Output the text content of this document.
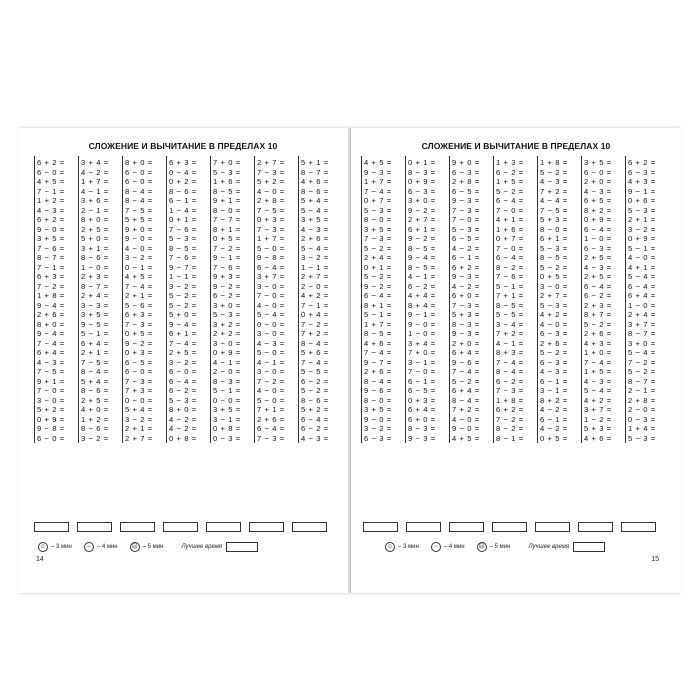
СЛОЖЕНИЕ И ВЫЧИТАНИЕ В ПРЕДЕЛАХ 10
6 + 2 =
6 − 0 =
4 + 5 =
7 − 1 =
1 + 2 =
4 − 3 =
6 + 2 =
9 − 0 =
3 + 5 =
7 − 6 =
8 − 7 =
7 − 1 =
6 + 3 =
7 − 2 =
1 + 8 =
9 − 4 =
2 + 6 =
8 + 0 =
9 − 4 =
7 − 4 =
6 + 4 =
4 − 3 =
7 − 5 =
9 + 1 =
7 − 0 =
3 − 0 =
5 + 2 =
0 + 9 =
9 − 8 =
6 − 0 =
3 + 4 =
4 − 2 =
1 + 7 =
4 − 1 =
3 + 6 =
2 − 1 =
8 + 0 =
2 + 5 =
5 + 0 =
3 + 1 =
8 − 6 =
1 − 0 =
2 + 3 =
8 − 7 =
2 + 4 =
3 − 3 =
3 + 5 =
9 − 5 =
5 − 1 =
6 + 4 =
2 + 1 =
7 − 5 =
8 − 4 =
5 + 4 =
8 − 6 =
2 + 5 =
4 + 0 =
1 + 2 =
8 − 6 =
3 − 2 =
8 + 0 =
6 − 0 =
6 − 0 =
8 − 4 =
8 − 4 =
7 − 5 =
5 + 5 =
9 + 0 =
9 − 0 =
4 − 0 =
3 − 2 =
0 − 1 =
4 + 5 =
7 − 4 =
2 + 1 =
5 − 6 =
6 + 3 =
7 − 3 =
0 + 5 =
9 − 2 =
0 + 3 =
6 − 5 =
6 − 0 =
7 − 3 =
7 + 3 =
0 − 0 =
5 + 4 =
3 − 2 =
2 + 1 =
2 + 7 =
6 + 3 =
0 − 4 =
0 + 2 =
8 − 6 =
6 − 1 =
1 − 4 =
0 + 1 =
7 − 6 =
5 − 3 =
8 − 5 =
7 − 6 =
9 − 7 =
1 − 1 =
3 − 2 =
5 − 2 =
5 − 2 =
5 + 0 =
9 − 4 =
6 + 1 =
7 − 4 =
2 + 5 =
3 − 2 =
6 − 0 =
6 − 4 =
6 − 2 =
5 − 3 =
8 + 0 =
4 − 2 =
4 − 2 =
0 + 8 =
7 + 0 =
5 − 3 =
1 + 6 =
8 − 5 =
9 + 1 =
8 − 0 =
7 − 7 =
8 + 1 =
0 + 5 =
7 − 2 =
9 − 1 =
7 − 6 =
9 + 3 =
9 − 2 =
6 − 2 =
3 + 0 =
5 − 3 =
3 + 2 =
2 + 2 =
3 − 0 =
0 + 9 =
4 − 1 =
2 − 0 =
8 − 3 =
5 − 1 =
0 − 0 =
3 + 5 =
3 − 1 =
0 + 8 =
0 − 3 =
2 + 7 =
7 − 3 =
5 + 2 =
4 − 0 =
2 + 8 =
7 − 5 =
0 + 3 =
7 − 3 =
1 + 7 =
5 − 0 =
9 − 8 =
6 − 4 =
3 + 7 =
3 − 0 =
7 − 0 =
4 − 0 =
5 − 4 =
0 − 0 =
3 − 0 =
4 − 3 =
5 − 0 =
4 − 1 =
3 − 0 =
7 − 2 =
4 − 0 =
5 − 0 =
7 + 1 =
2 + 6 =
6 − 4 =
7 − 3 =
5 + 1 =
8 − 7 =
4 + 6 =
8 − 6 =
5 + 4 =
5 − 4 =
3 + 5 =
4 − 3 =
2 + 6 =
5 − 4 =
3 − 2 =
1 − 1 =
2 + 7 =
2 − 0 =
4 + 2 =
7 − 1 =
0 + 4 =
7 − 2 =
7 + 2 =
8 − 4 =
5 + 6 =
7 − 4 =
5 − 5 =
6 − 2 =
5 − 2 =
8 − 6 =
5 + 2 =
6 − 4 =
6 − 2 =
4 − 3 =
☺ – 3 мин	−	– 4 мин	☹ – 5 мин	Лучшее время
14
СЛОЖЕНИЕ И ВЫЧИТАНИЕ В ПРЕДЕЛАХ 10
4 + 5 =
9 − 3 =
1 + 7 =
7 − 4 =
0 + 7 =
5 − 3 =
8 − 0 =
3 + 5 =
7 − 3 =
5 − 2 =
2 + 4 =
0 + 1 =
5 − 2 =
9 − 2 =
6 − 4 =
8 + 1 =
5 − 1 =
1 + 7 =
8 − 5 =
4 + 6 =
7 − 4 =
9 − 7 =
2 + 6 =
8 − 4 =
9 − 6 =
8 − 0 =
3 + 5 =
9 − 0 =
3 − 2 =
6 − 3 =
0 + 1 =
8 − 3 =
0 + 9 =
6 − 3 =
3 + 0 =
9 − 2 =
2 + 7 =
6 + 1 =
9 − 2 =
8 − 5 =
9 − 4 =
8 − 5 =
4 − 1 =
6 − 2 =
4 + 4 =
8 + 4 =
9 − 1 =
9 − 0 =
1 − 0 =
3 + 4 =
7 + 0 =
3 − 1 =
7 − 0 =
6 − 1 =
6 − 5 =
0 + 3 =
6 + 4 =
6 + 0 =
8 − 3 =
9 − 3 =
9 + 0 =
6 − 3 =
2 + 8 =
6 − 5 =
9 − 3 =
7 − 3 =
7 − 0 =
5 − 3 =
6 − 5 =
4 − 2 =
6 − 1 =
6 + 2 =
9 − 3 =
4 − 2 =
6 + 0 =
7 − 3 =
5 + 3 =
8 − 3 =
9 − 3 =
2 + 0 =
6 + 4 =
9 − 6 =
7 − 4 =
5 − 2 =
6 + 4 =
8 − 4 =
7 + 2 =
4 − 0 =
9 − 0 =
4 + 5 =
1 + 3 =
6 − 2 =
1 + 5 =
5 − 2 =
6 − 4 =
7 − 0 =
4 + 1 =
1 + 6 =
0 + 7 =
7 − 0 =
6 − 4 =
8 − 2 =
7 − 6 =
5 − 1 =
7 + 1 =
8 − 5 =
5 − 5 =
3 − 4 =
7 + 2 =
4 − 1 =
8 + 3 =
7 − 4 =
8 − 4 =
6 − 2 =
7 − 3 =
1 + 8 =
6 + 2 =
7 − 2 =
8 − 2 =
8 − 1 =
1 + 8 =
5 − 2 =
4 − 3 =
7 + 2 =
4 − 4 =
7 − 5 =
5 + 3 =
8 − 0 =
6 + 1 =
5 − 3 =
8 − 5 =
5 − 2 =
0 + 5 =
3 − 0 =
2 + 7 =
5 − 3 =
4 + 2 =
4 − 0 =
6 − 3 =
2 + 6 =
5 − 2 =
6 − 3 =
4 − 3 =
6 − 1 =
3 − 1 =
8 + 2 =
4 − 2 =
6 − 1 =
4 − 2 =
0 + 5 =
3 + 5 =
6 − 0 =
2 + 0 =
4 − 3 =
6 + 5 =
8 + 2 =
0 + 9 =
6 − 4 =
1 − 0 =
6 − 3 =
2 + 5 =
4 − 3 =
2 + 5 =
6 − 4 =
6 − 2 =
2 + 3 =
8 + 7 =
5 − 2 =
2 + 6 =
4 + 3 =
1 + 0 =
7 − 4 =
1 + 5 =
4 − 3 =
5 − 4 =
4 + 2 =
3 + 7 =
1 − 2 =
5 + 3 =
4 + 6 =
6 + 2 =
6 − 3 =
4 + 3 =
9 − 1 =
0 + 6 =
5 − 3 =
2 + 1 =
3 − 2 =
0 + 9 =
5 − 1 =
4 − 0 =
4 + 1 =
5 − 4 =
6 − 4 =
6 + 4 =
1 − 0 =
2 + 4 =
3 + 7 =
8 − 7 =
3 + 0 =
5 − 4 =
7 − 2 =
5 − 2 =
8 − 7 =
2 − 1 =
2 + 8 =
2 − 0 =
0 − 3 =
1 + 4 =
5 − 3 =
☺ – 3 мин	−	– 4 мин	☹ – 5 мин	Лучшее время
15
